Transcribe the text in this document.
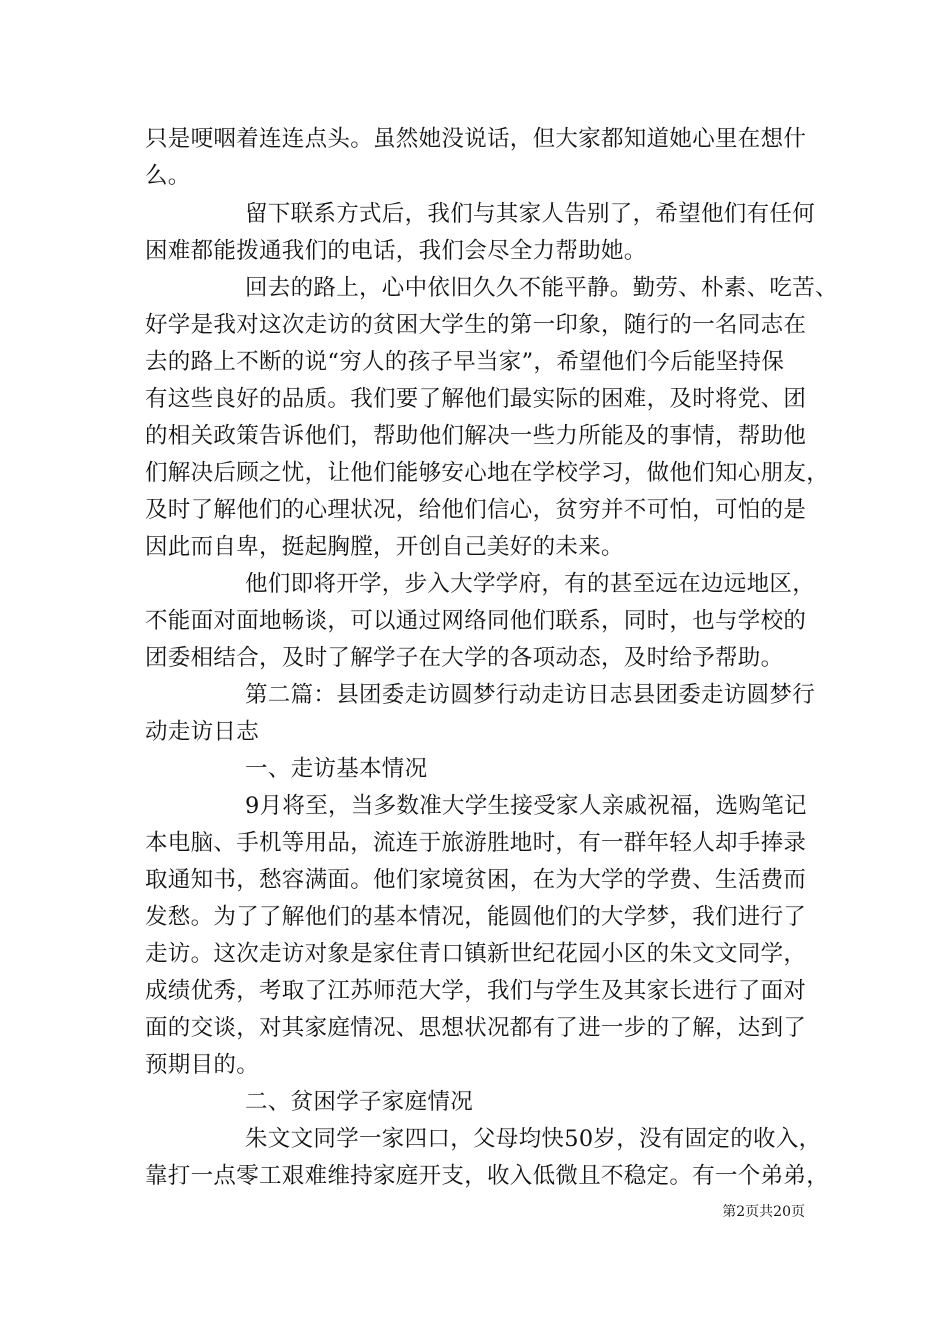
只是哽咽着连连点头。虽然她没说话，但大家都知道她心里在想什
么。
留下联系方式后，我们与其家人告别了，希望他们有任何
困难都能拨通我们的电话，我们会尽全力帮助她。
回去的路上，心中依旧久久不能平静。勤劳、朴素、吃苦、
好学是我对这次走访的贫困大学生的第一印象，随行的一名同志在
去的路上不断的说“穷人的孩子早当家”，希望他们今后能坚持保
有这些良好的品质。我们要了解他们最实际的困难，及时将党、团
的相关政策告诉他们，帮助他们解决一些力所能及的事情，帮助他
们解决后顾之忧，让他们能够安心地在学校学习，做他们知心朋友，
及时了解他们的心理状况，给他们信心，贫穷并不可怕，可怕的是
因此而自卑，挺起胸膛，开创自己美好的未来。
他们即将开学，步入大学学府，有的甚至远在边远地区，
不能面对面地畅谈，可以通过网络同他们联系，同时，也与学校的
团委相结合，及时了解学子在大学的各项动态，及时给予帮助。
第二篇：县团委走访圆梦行动走访日志县团委走访圆梦行
动走访日志
一、走访基本情况
9月将至，当多数准大学生接受家人亲戚祝福，选购笔记
本电脑、手机等用品，流连于旅游胜地时，有一群年轻人却手捧录
取通知书，愁容满面。他们家境贫困，在为大学的学费、生活费而
发愁。为了了解他们的基本情况，能圆他们的大学梦，我们进行了
走访。这次走访对象是家住青口镇新世纪花园小区的朱文文同学，
成绩优秀，考取了江苏师范大学，我们与学生及其家长进行了面对
面的交谈，对其家庭情况、思想状况都有了进一步的了解，达到了
预期目的。
二、贫困学子家庭情况
朱文文同学一家四口，父母均快50岁，没有固定的收入，
靠打一点零工艰难维持家庭开支，收入低微且不稳定。有一个弟弟，
第2页共20页
